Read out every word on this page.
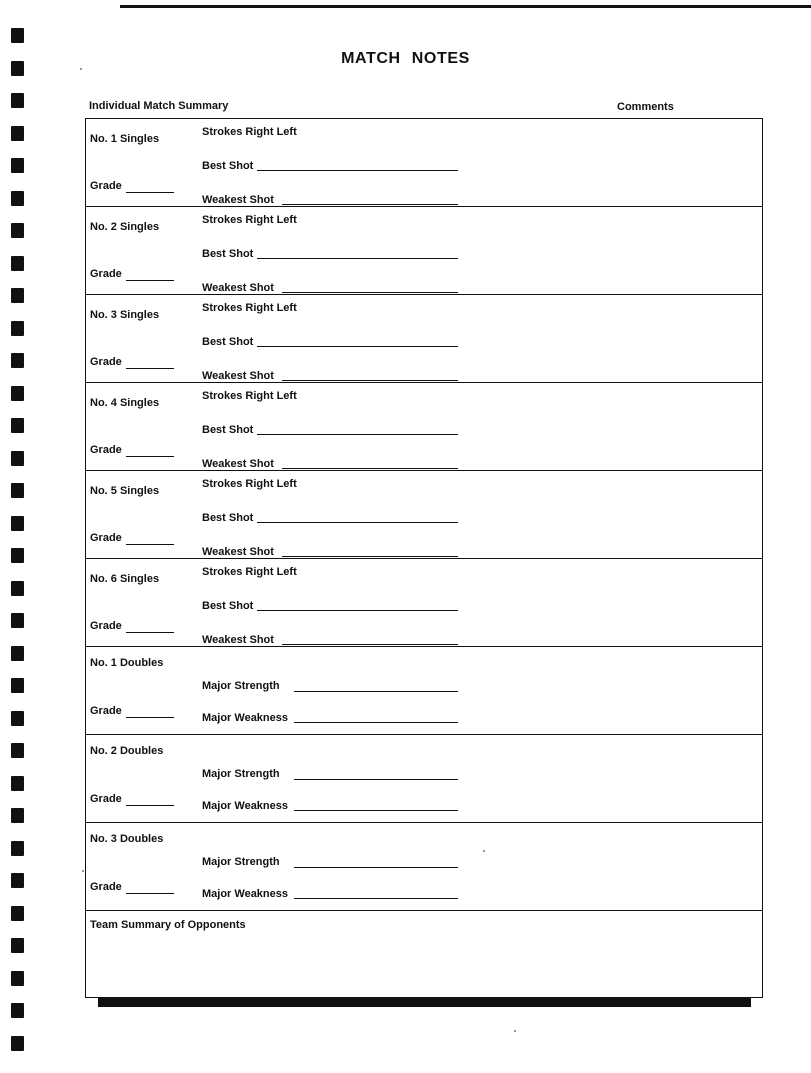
MATCH NOTES
Individual Match Summary	Comments
No. 1 Singles
Strokes Right Left
Best Shot
Grade
Weakest Shot
No. 2 Singles
Strokes Right Left
Best Shot
Grade
Weakest Shot
No. 3 Singles
Strokes Right Left
Best Shot
Grade
Weakest Shot
No. 4 Singles
Strokes Right Left
Best Shot
Grade
Weakest Shot
No. 5 Singles
Strokes Right Left
Best Shot
Grade
Weakest Shot
No. 6 Singles
Strokes Right Left
Best Shot
Grade
Weakest Shot
No. 1 Doubles
Major Strength
Grade
Major Weakness
No. 2 Doubles
Major Strength
Grade
Major Weakness
No. 3 Doubles
Major Strength
Grade
Major Weakness
Team Summary of Opponents
